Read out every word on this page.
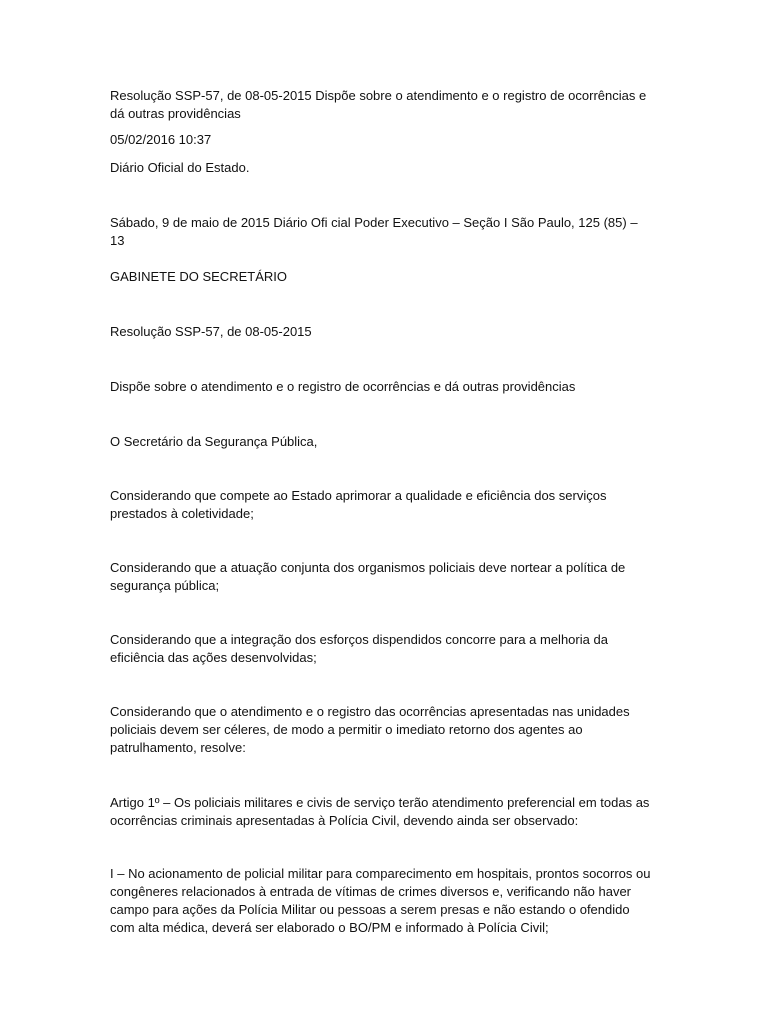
Resolução SSP-57, de 08-05-2015 Dispõe sobre o atendimento e o registro de ocorrências e dá outras providências

05/02/2016 10:37

Diário Oficial do Estado.

Sábado, 9 de maio de 2015 Diário Ofi cial Poder Executivo – Seção I São Paulo, 125 (85) – 13

GABINETE DO SECRETÁRIO

Resolução SSP-57, de 08-05-2015

Dispõe sobre o atendimento e o registro de ocorrências e dá outras providências

O Secretário da Segurança Pública,

Considerando que compete ao Estado aprimorar a qualidade e eficiência dos serviços prestados à coletividade;

Considerando que a atuação conjunta dos organismos policiais deve nortear a política de segurança pública;

Considerando que a integração dos esforços dispendidos concorre para a melhoria da eficiência das ações desenvolvidas;

Considerando que o atendimento e o registro das ocorrências apresentadas nas unidades policiais devem ser céleres, de modo a permitir o imediato retorno dos agentes ao patrulhamento, resolve:

Artigo 1º – Os policiais militares e civis de serviço terão atendimento preferencial em todas as ocorrências criminais apresentadas à Polícia Civil, devendo ainda ser observado:

I – No acionamento de policial militar para comparecimento em hospitais, prontos socorros ou congêneres relacionados à entrada de vítimas de crimes diversos e, verificando não haver campo para ações da Polícia Militar ou pessoas a serem presas e não estando o ofendido com alta médica, deverá ser elaborado o BO/PM e informado à Polícia Civil;
